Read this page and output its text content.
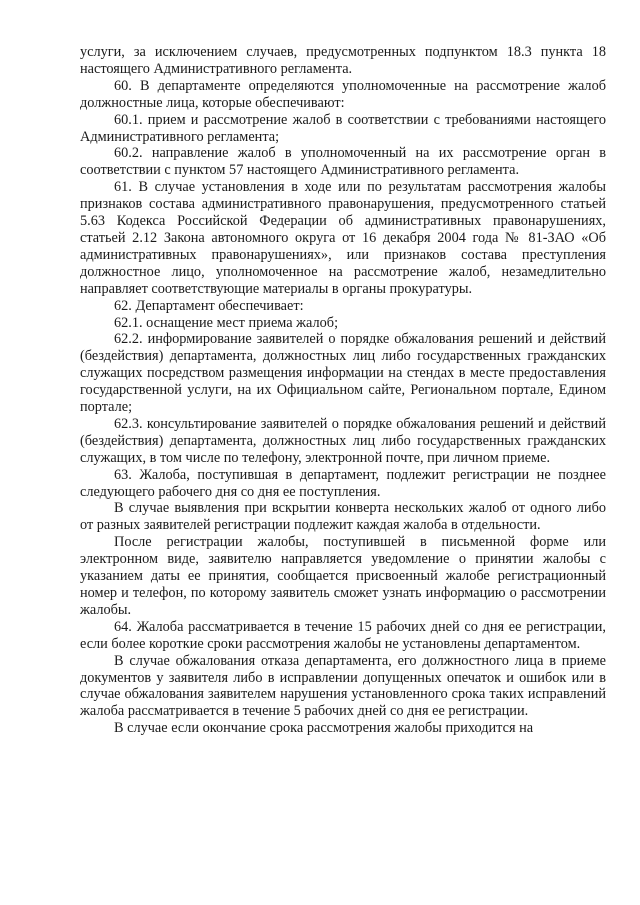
услуги, за исключением случаев, предусмотренных подпунктом 18.3 пункта 18 настоящего Административного регламента.

60. В департаменте определяются уполномоченные на рассмотрение жалоб должностные лица, которые обеспечивают:

60.1. прием и рассмотрение жалоб в соответствии с требованиями настоящего Административного регламента;

60.2. направление жалоб в уполномоченный на их рассмотрение орган в соответствии с пунктом 57 настоящего Административного регламента.

61. В случае установления в ходе или по результатам рассмотрения жалобы признаков состава административного правонарушения, предусмотренного статьей 5.63 Кодекса Российской Федерации об административных правонарушениях, статьей 2.12 Закона автономного округа от 16 декабря 2004 года № 81-ЗАО «Об административных правонарушениях», или признаков состава преступления должностное лицо, уполномоченное на рассмотрение жалоб, незамедлительно направляет соответствующие материалы в органы прокуратуры.

62. Департамент обеспечивает:

62.1. оснащение мест приема жалоб;

62.2. информирование заявителей о порядке обжалования решений и действий (бездействия) департамента, должностных лиц либо государственных гражданских служащих посредством размещения информации на стендах в месте предоставления государственной услуги, на их Официальном сайте, Региональном портале, Едином портале;

62.3. консультирование заявителей о порядке обжалования решений и действий (бездействия) департамента, должностных лиц либо государственных гражданских служащих, в том числе по телефону, электронной почте, при личном приеме.

63. Жалоба, поступившая в департамент, подлежит регистрации не позднее следующего рабочего дня со дня ее поступления.

В случае выявления при вскрытии конверта нескольких жалоб от одного либо от разных заявителей регистрации подлежит каждая жалоба в отдельности.

После регистрации жалобы, поступившей в письменной форме или электронном виде, заявителю направляется уведомление о принятии жалобы с указанием даты ее принятия, сообщается присвоенный жалобе регистрационный номер и телефон, по которому заявитель сможет узнать информацию о рассмотрении жалобы.

64. Жалоба рассматривается в течение 15 рабочих дней со дня ее регистрации, если более короткие сроки рассмотрения жалобы не установлены департаментом.

В случае обжалования отказа департамента, его должностного лица в приеме документов у заявителя либо в исправлении допущенных опечаток и ошибок или в случае обжалования заявителем нарушения установленного срока таких исправлений жалоба рассматривается в течение 5 рабочих дней со дня ее регистрации.

В случае если окончание срока рассмотрения жалобы приходится на
